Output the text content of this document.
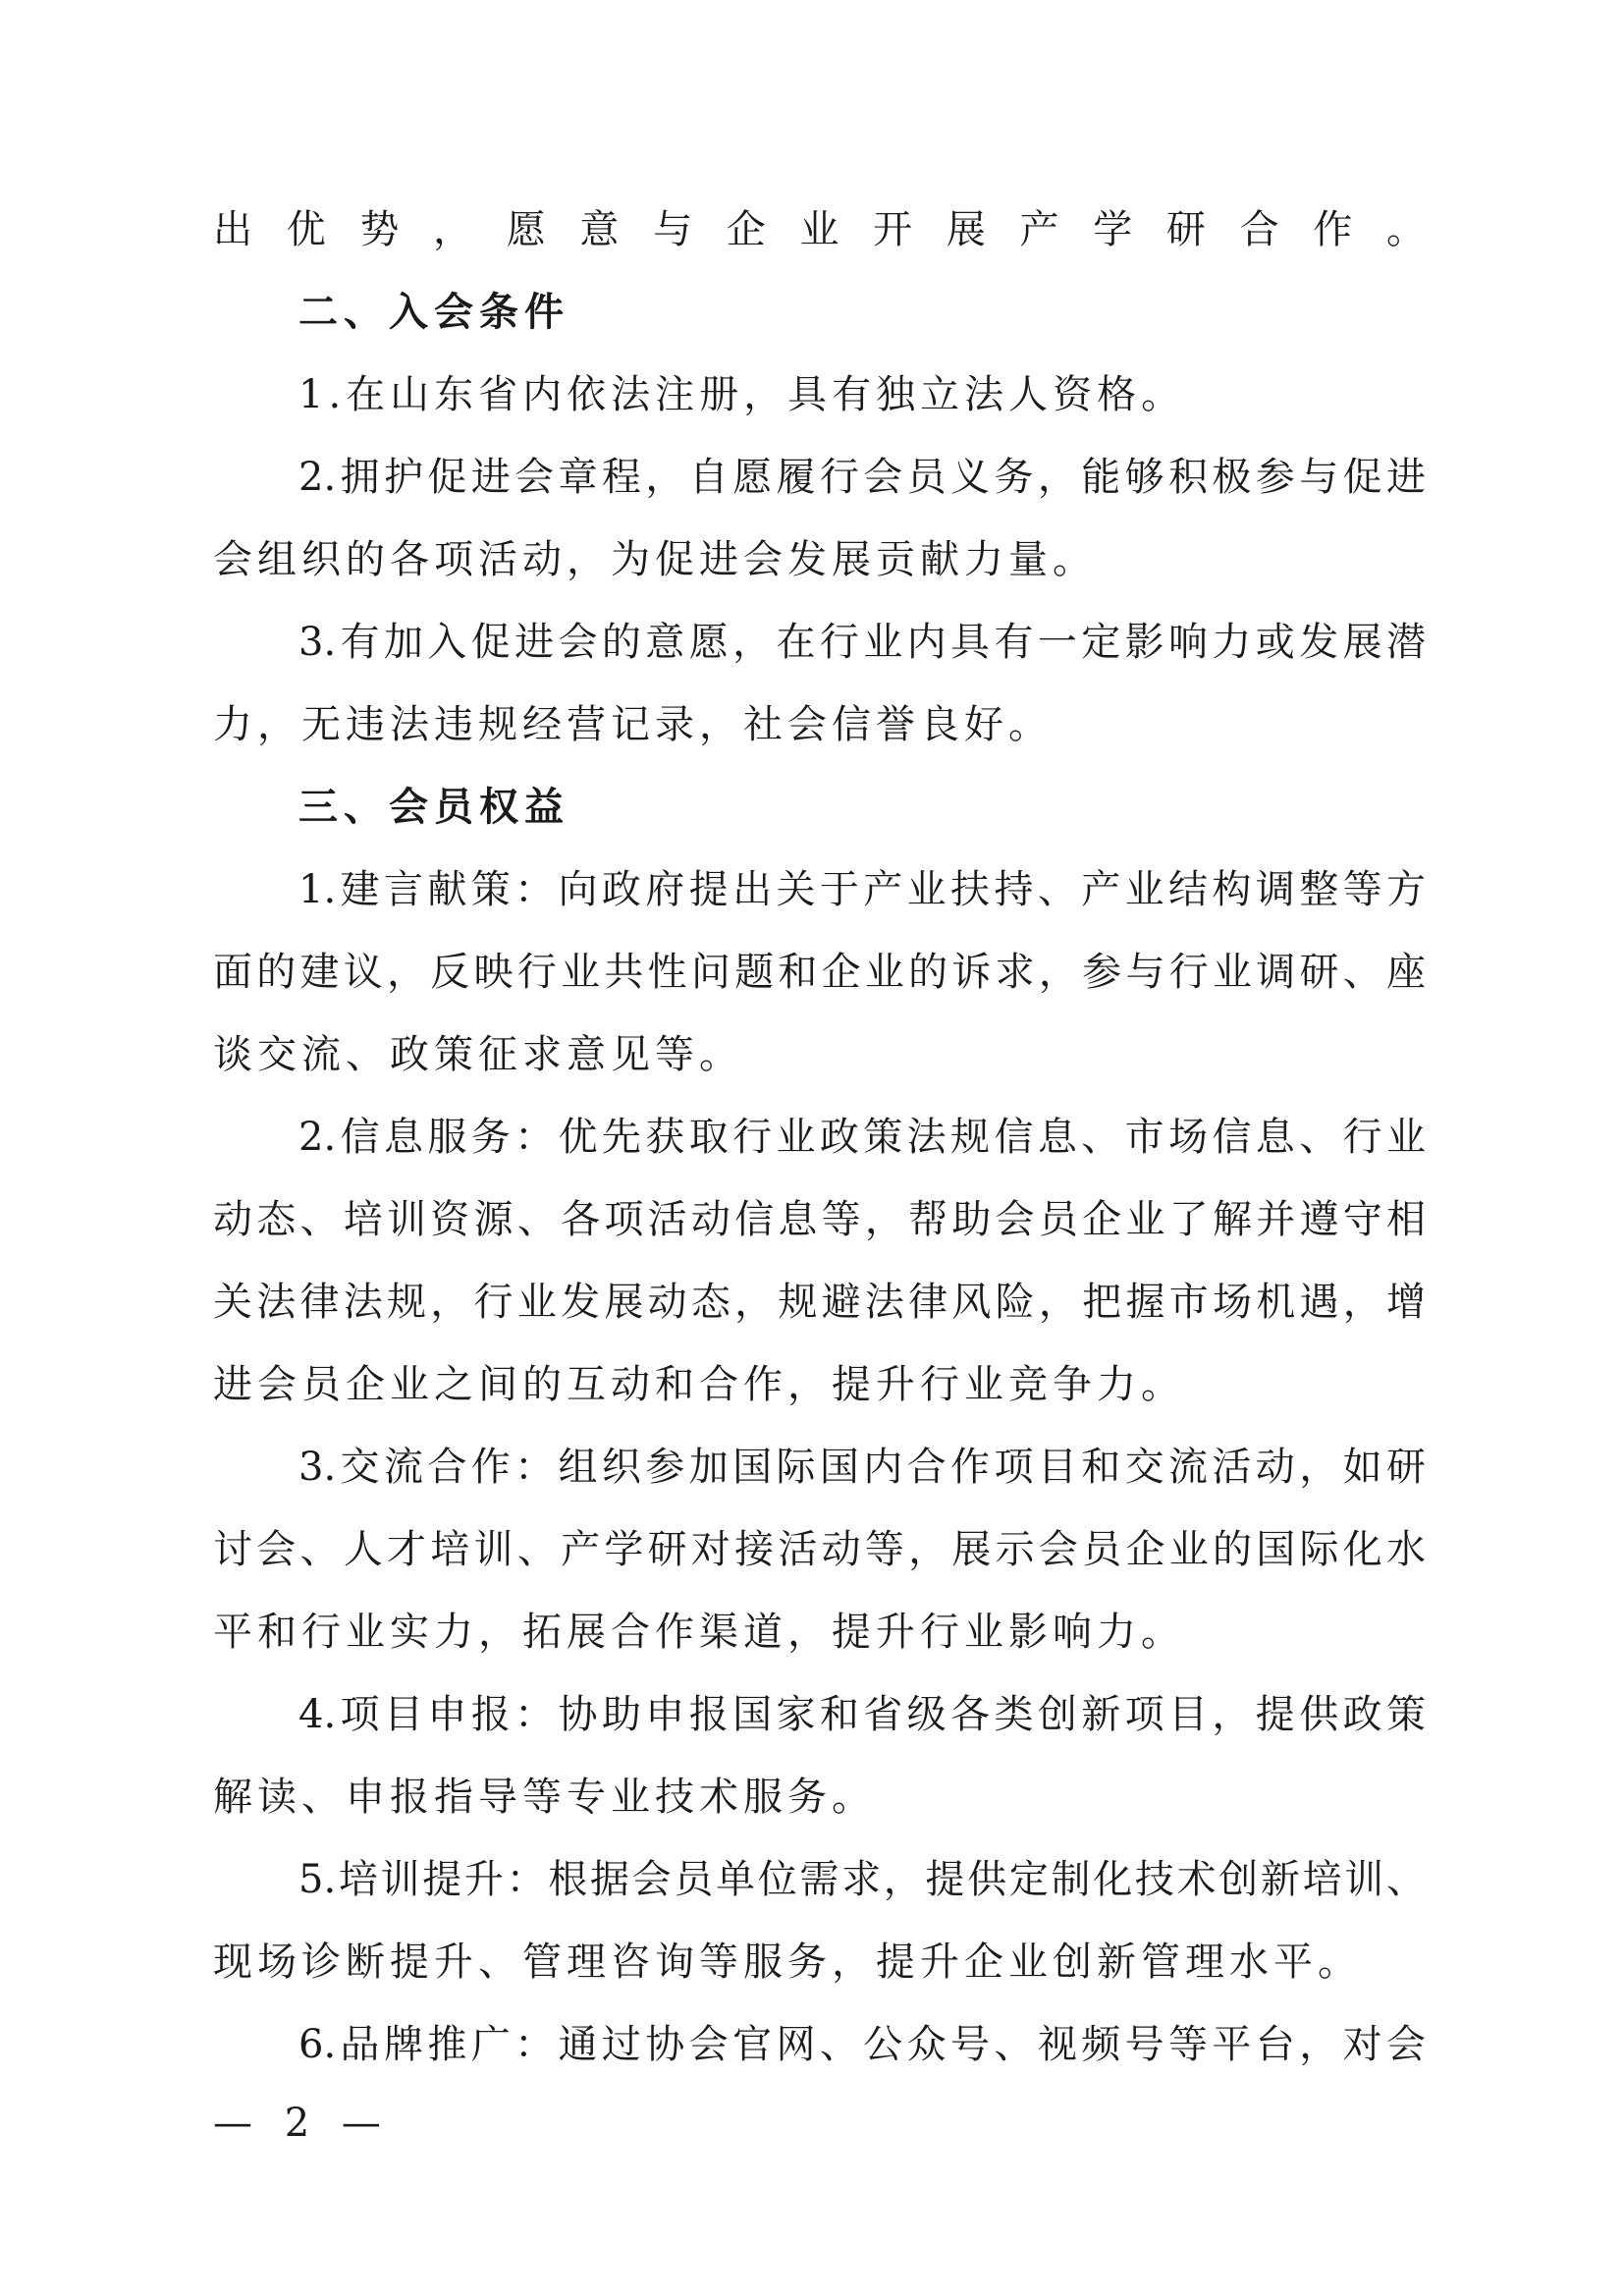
出优势，愿意与企业开展产学研合作。
二、入会条件
1.在山东省内依法注册，具有独立法人资格。
2.拥护促进会章程，自愿履行会员义务，能够积极参与促进
会组织的各项活动，为促进会发展贡献力量。
3.有加入促进会的意愿，在行业内具有一定影响力或发展潜
力，无违法违规经营记录，社会信誉良好。
三、会员权益
1.建言献策：向政府提出关于产业扶持、产业结构调整等方
面的建议，反映行业共性问题和企业的诉求，参与行业调研、座
谈交流、政策征求意见等。
2.信息服务：优先获取行业政策法规信息、市场信息、行业
动态、培训资源、各项活动信息等，帮助会员企业了解并遵守相
关法律法规，行业发展动态，规避法律风险，把握市场机遇，增
进会员企业之间的互动和合作，提升行业竞争力。
3.交流合作：组织参加国际国内合作项目和交流活动，如研
讨会、人才培训、产学研对接活动等，展示会员企业的国际化水
平和行业实力，拓展合作渠道，提升行业影响力。
4.项目申报：协助申报国家和省级各类创新项目，提供政策
解读、申报指导等专业技术服务。
5.培训提升：根据会员单位需求，提供定制化技术创新培训、
现场诊断提升、管理咨询等服务，提升企业创新管理水平。
6.品牌推广：通过协会官网、公众号、视频号等平台，对会
— 2 —
